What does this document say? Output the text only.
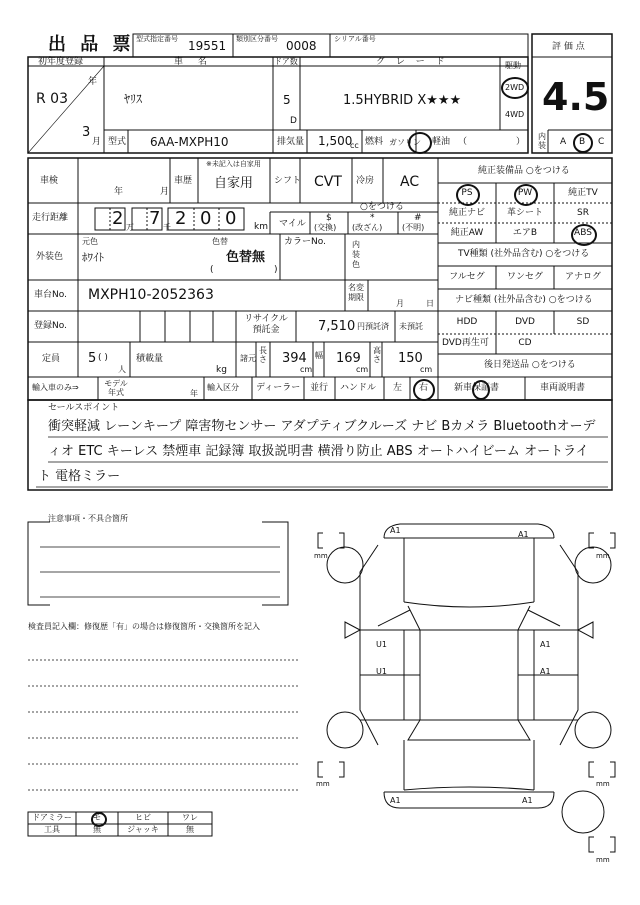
出 品 票 型式指定番号 19551 類別区分番号 0008 シリアル番号
評 価 点
4.5
初年度登録
年
R 03
3
月
車 名
ﾔﾘｽ
ドア数
5
D
グ レ ー ド
1.5HYBRID X★★★
駆動
2WD
4WD
型式 6AA-MXPH10	排気量 1,500
cc 燃料 ガソリン 軽油 （	）
内装 A B C
車検
年	月
車歴
※未記入は自家用
自家用 シフト CVT 冷房 AC
走行距離 2 万 7 千 2 0 0 km マイル
○をつける
$
(交換)
*
(改ざん)
#
(不明)
外装色
元色
ﾎﾜｲﾄ
色替
色替無
(	)
カラーNo.	内装色
車台No. MXPH10-2052363	名変期限
月	日
登録No.
リサイクル預託金	7,510 円預託済 未預託
定員 5 ( )
人
積載量
kg
諸元
長さ 394
cm
幅 169
cm
高さ 150
cm
輸入車のみ⇒	モデル年式	年
輸入区分 ディーラー 並行 ハンドル 左 右
純正装備品 ○をつける
PS	PW	純正TV
純正ナビ	革シート	SR
純正AW	エアB	ABS
TV種類 (社外品含む) ○をつける
フルセグ	ワンセグ	アナログ
ナビ種類 (社外品含む) ○をつける
HDD	DVD	SD
DVD再生可	CD
後日発送品 ○をつける
新車保証書	車両説明書
セールスポイント
衝突軽減 レーンキープ 障害物センサー アダプティブクルーズ ナビ Bカメラ Bluetoothオーデ
ィオ ETC キーレス 禁煙車 記録簿 取扱説明書 横滑り防止 ABS オートハイビーム オートライ
ト 電格ミラー
注意事項・不具合箇所
検査員記入欄：修復歴「有」の場合は修復箇所・交換箇所を記入
ドアミラー	モ	ヒビ	ワレ
工具	無	ジャッキ	無
A1	A1
U1	A1
U1	A1
A1	A1
mm	mm
mm	mm
mm
